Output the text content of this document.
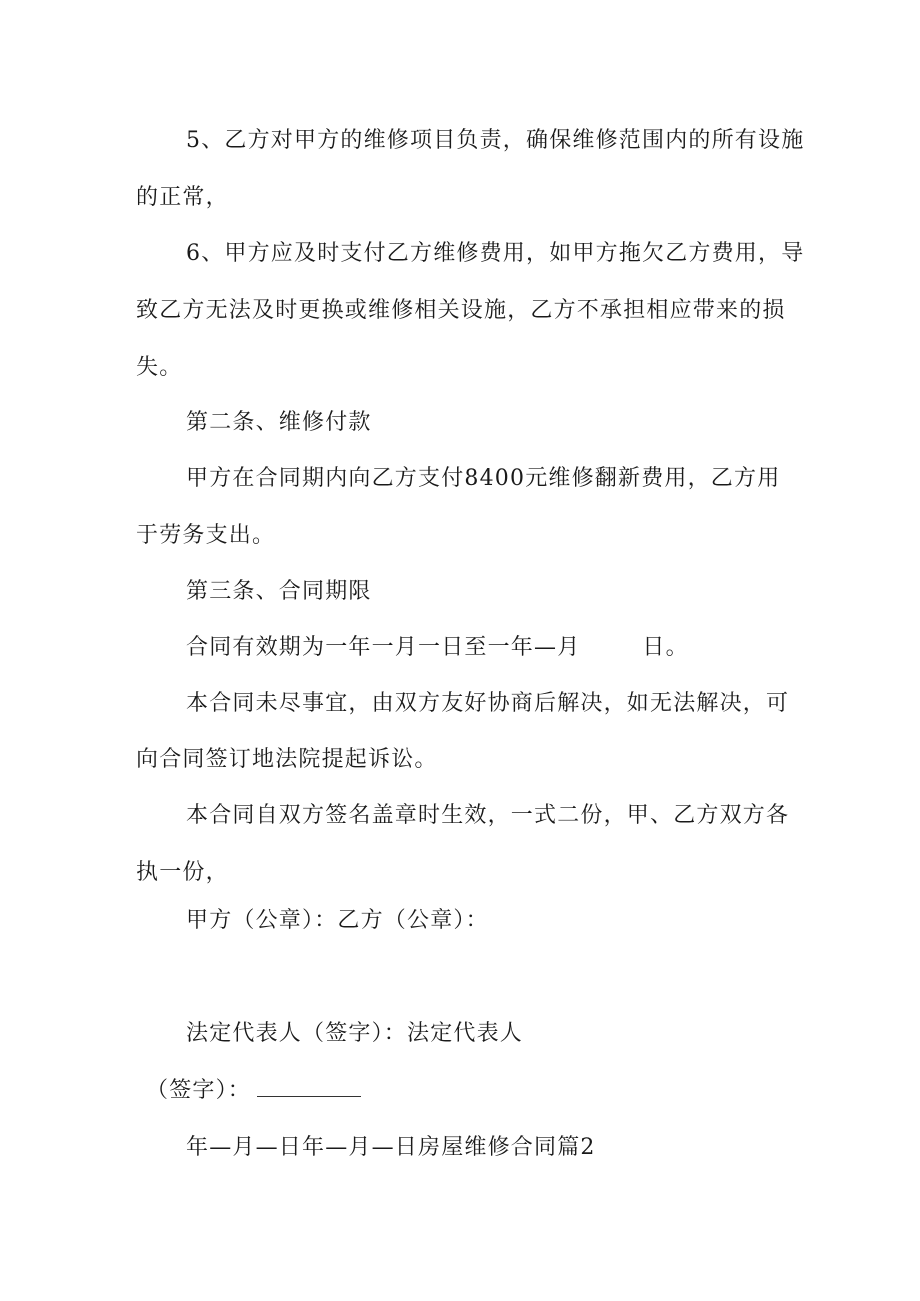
5、乙方对甲方的维修项目负责，确保维修范围内的所有设施
的正常，
6、甲方应及时支付乙方维修费用，如甲方拖欠乙方费用，导
致乙方无法及时更换或维修相关设施，乙方不承担相应带来的损
失。
第二条、维修付款
甲方在合同期内向乙方支付8400元维修翻新费用，乙方用
于劳务支出。
第三条、合同期限
合同有效期为一年一月一日至一年—月	日。
本合同未尽事宜，由双方友好协商后解决，如无法解决，可
向合同签订地法院提起诉讼。
本合同自双方签名盖章时生效，一式二份，甲、乙方双方各
执一份，
甲方（公章）：乙方（公章）：
法定代表人（签字）：法定代表人
（签字）：
年—月—日年—月—日房屋维修合同篇2
